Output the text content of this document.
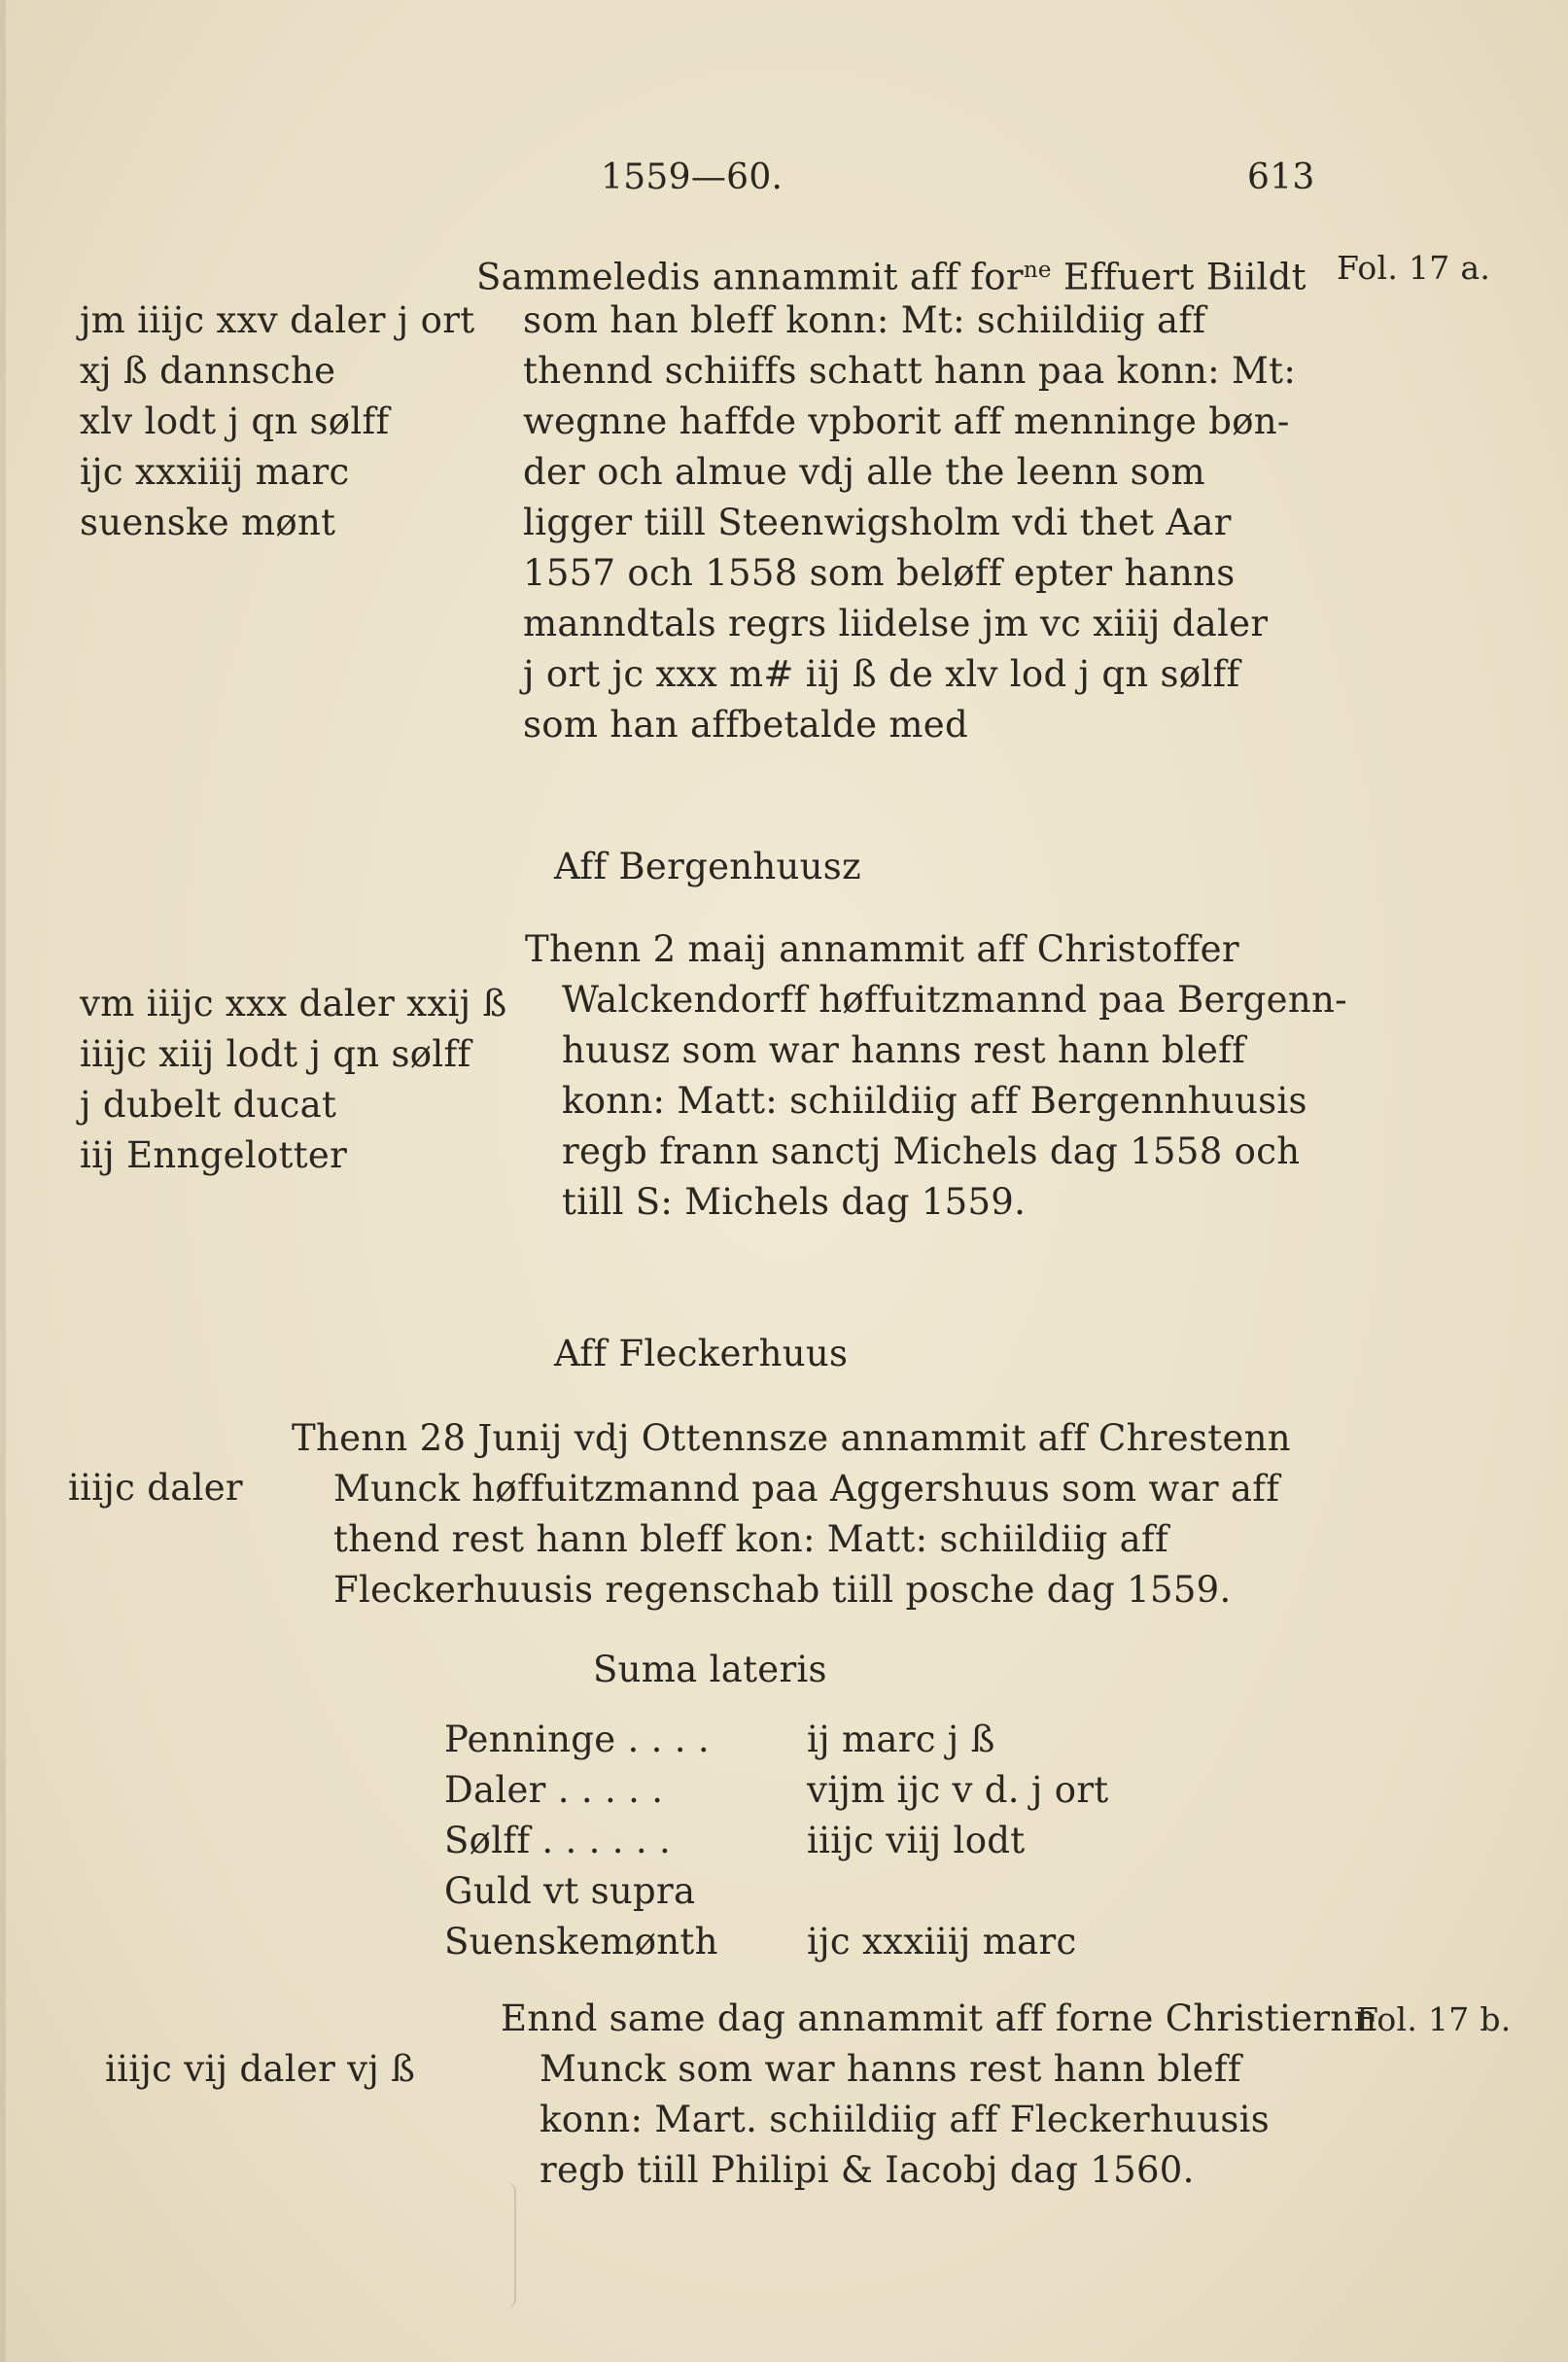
1559—60.	613
Sammeledis annammit aff for$^{ne}$ Effuert Biildt Fol. 17 a.
jm iiijc xxv daler j ort
xj ß dannsche
xlv lodt j qn sølff
ijc xxxiiij marc
suenske mønt
som han bleff konn: Mt: schiildiig aff
thennd schiiffs schatt hann paa konn: Mt:
wegnne haffde vpborit aff menninge bøn-
der och almue vdj alle the leenn som
ligger tiill Steenwigsholm vdi thet Aar
1557 och 1558 som beløff epter hanns
manndtals regrs liidelse jm vc xiiij daler
j ort jc xxx m# iij ß de xlv lod j qn sølff
som han affbetalde med
Aff Bergenhuusz
vm iiijc xxx daler xxij ß
iiijc xiij lodt j qn sølff
j dubelt ducat
iij Enngelotter
Thenn 2 maij annammit aff Christoffer
Walckendorff høffuitzmannd paa Bergenn-
huusz som war hanns rest hann bleff
konn: Matt: schiildiig aff Bergennhuusis
regb frann sanctj Michels dag 1558 och
tiill S: Michels dag 1559.
Aff Fleckerhuus
iiijc daler
Thenn 28 Junij vdj Ottennsze annammit aff Chrestenn
Munck høffuitzmannd paa Aggershuus som war aff
thend rest hann bleff kon: Matt: schiildiig aff
Fleckerhuusis regenschab tiill posche dag 1559.
Suma lateris
Penninge . . . .	ij marc j ß
Daler . . . . .	vijm ijc v d. j ort
Sølff . . . . . .	iiijc viij lodt
Guld vt supra
Suenskemønth ijc xxxiiij marc
Ennd same dag annammit aff forne Christiernn
Fol. 17 b.
iiijc vij daler vj ß	Munck som war hanns rest hann bleff
konn: Mart. schiildiig aff Fleckerhuusis
regb tiill Philipi & Iacobj dag 1560.
